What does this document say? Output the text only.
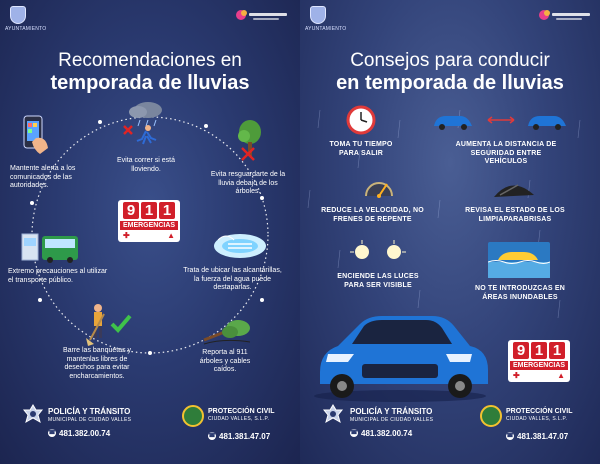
AYUNTAMIENTO
Recomendaciones en
temporada de lluvias
Mantente alerta a los comunicados de las autoridades.
Evita correr si está lloviendo.
Evita resguardarte de la lluvia debajo de los árboles.
Trata de ubicar las alcantarillas, la fuerza del agua puede destaparlas.
9 1 1
EMERGENCIAS
✚	▲
Reporta al 911 árboles y cables caídos.
Barre las banquetas y mantenlas libres de desechos para evitar encharcamientos.
Extremo precauciones al utilizar el transporte público.
POLICÍA Y TRÁNSITO
MUNICIPAL DE CIUDAD VALLES
☎ 481.382.00.74
PROTECCIÓN CIVIL
CIUDAD VALLES, S.L.P.
☎ 481.381.47.07
AYUNTAMIENTO
Consejos para conducir
en temporada de lluvias
TOMA TU TIEMPO PARA SALIR
AUMENTA LA DISTANCIA DE SEGURIDAD ENTRE VEHÍCULOS
REDUCE LA VELOCIDAD, NO FRENES DE REPENTE
REVISA EL ESTADO DE LOS LIMPIAPARABRISAS
ENCIENDE LAS LUCES PARA SER VISIBLE	NO TE INTRODUZCAS EN ÁREAS INUNDABLES
9 1 1
EMERGENCIAS
✚	▲
POLICÍA Y TRÁNSITO
MUNICIPAL DE CIUDAD VALLES
☎ 481.382.00.74
PROTECCIÓN CIVIL
CIUDAD VALLES, S.L.P.
☎ 481.381.47.07
